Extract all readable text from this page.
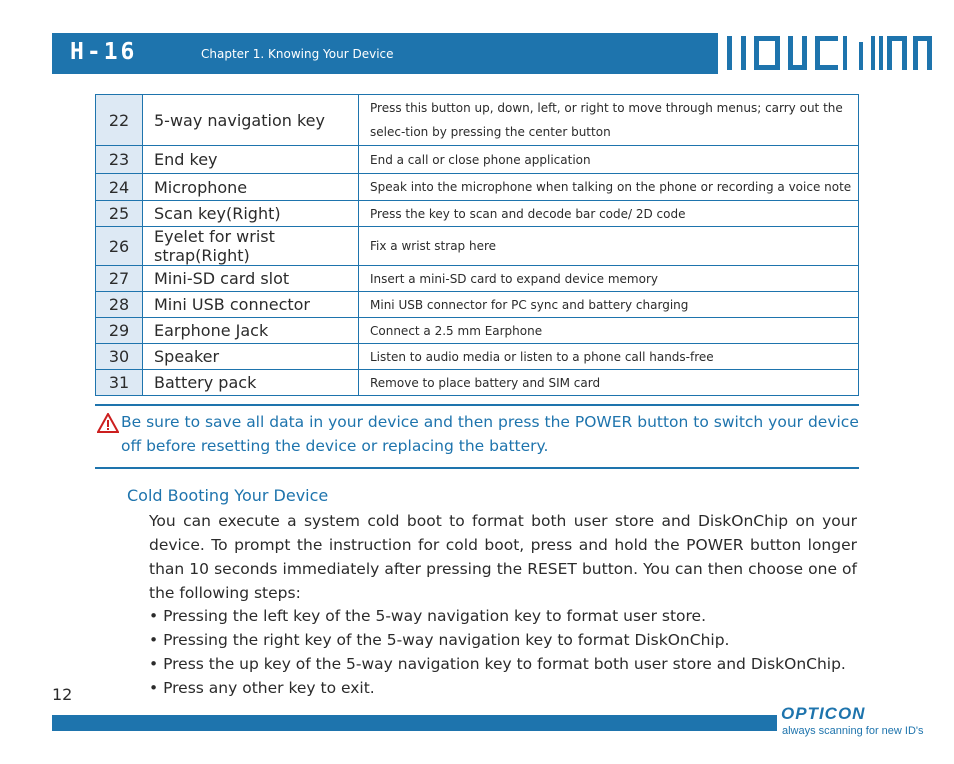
H-16	Chapter 1. Knowing Your Device
22	5-way navigation key	Press this button up, down, left, or right to move through menus; carry out the selec-tion by pressing the center button
23	End key	End a call or close phone application
24	Microphone	Speak into the microphone when talking on the phone or recording a voice note
25	Scan key(Right)	Press the key to scan and decode bar code/ 2D code
26	Eyelet for wrist strap(Right)	Fix a wrist strap here
27	Mini-SD card slot	Insert a mini-SD card to expand device memory
28	Mini USB connector	Mini USB connector for PC sync and battery charging
29	Earphone Jack	Connect a 2.5 mm Earphone
30	Speaker	Listen to audio media or listen to a phone call hands-free
31	Battery pack	Remove to place battery and SIM card
Be sure to save all data in your device and then press the POWER button to switch your device off before resetting the device or replacing the battery.
Cold Booting Your Device
You can execute a system cold boot to format both user store and DiskOnChip on your device. To prompt the instruction for cold boot, press and hold the POWER button longer than 10 seconds immediately after pressing the RESET button. You can then choose one of the following steps:
• Pressing the left key of the 5-way navigation key to format user store.
• Pressing the right key of the 5-way navigation key to format DiskOnChip.
• Press the up key of the 5-way navigation key to format both user store and DiskOnChip.
• Press any other key to exit.
12
OPTICON
always scanning for new ID's
